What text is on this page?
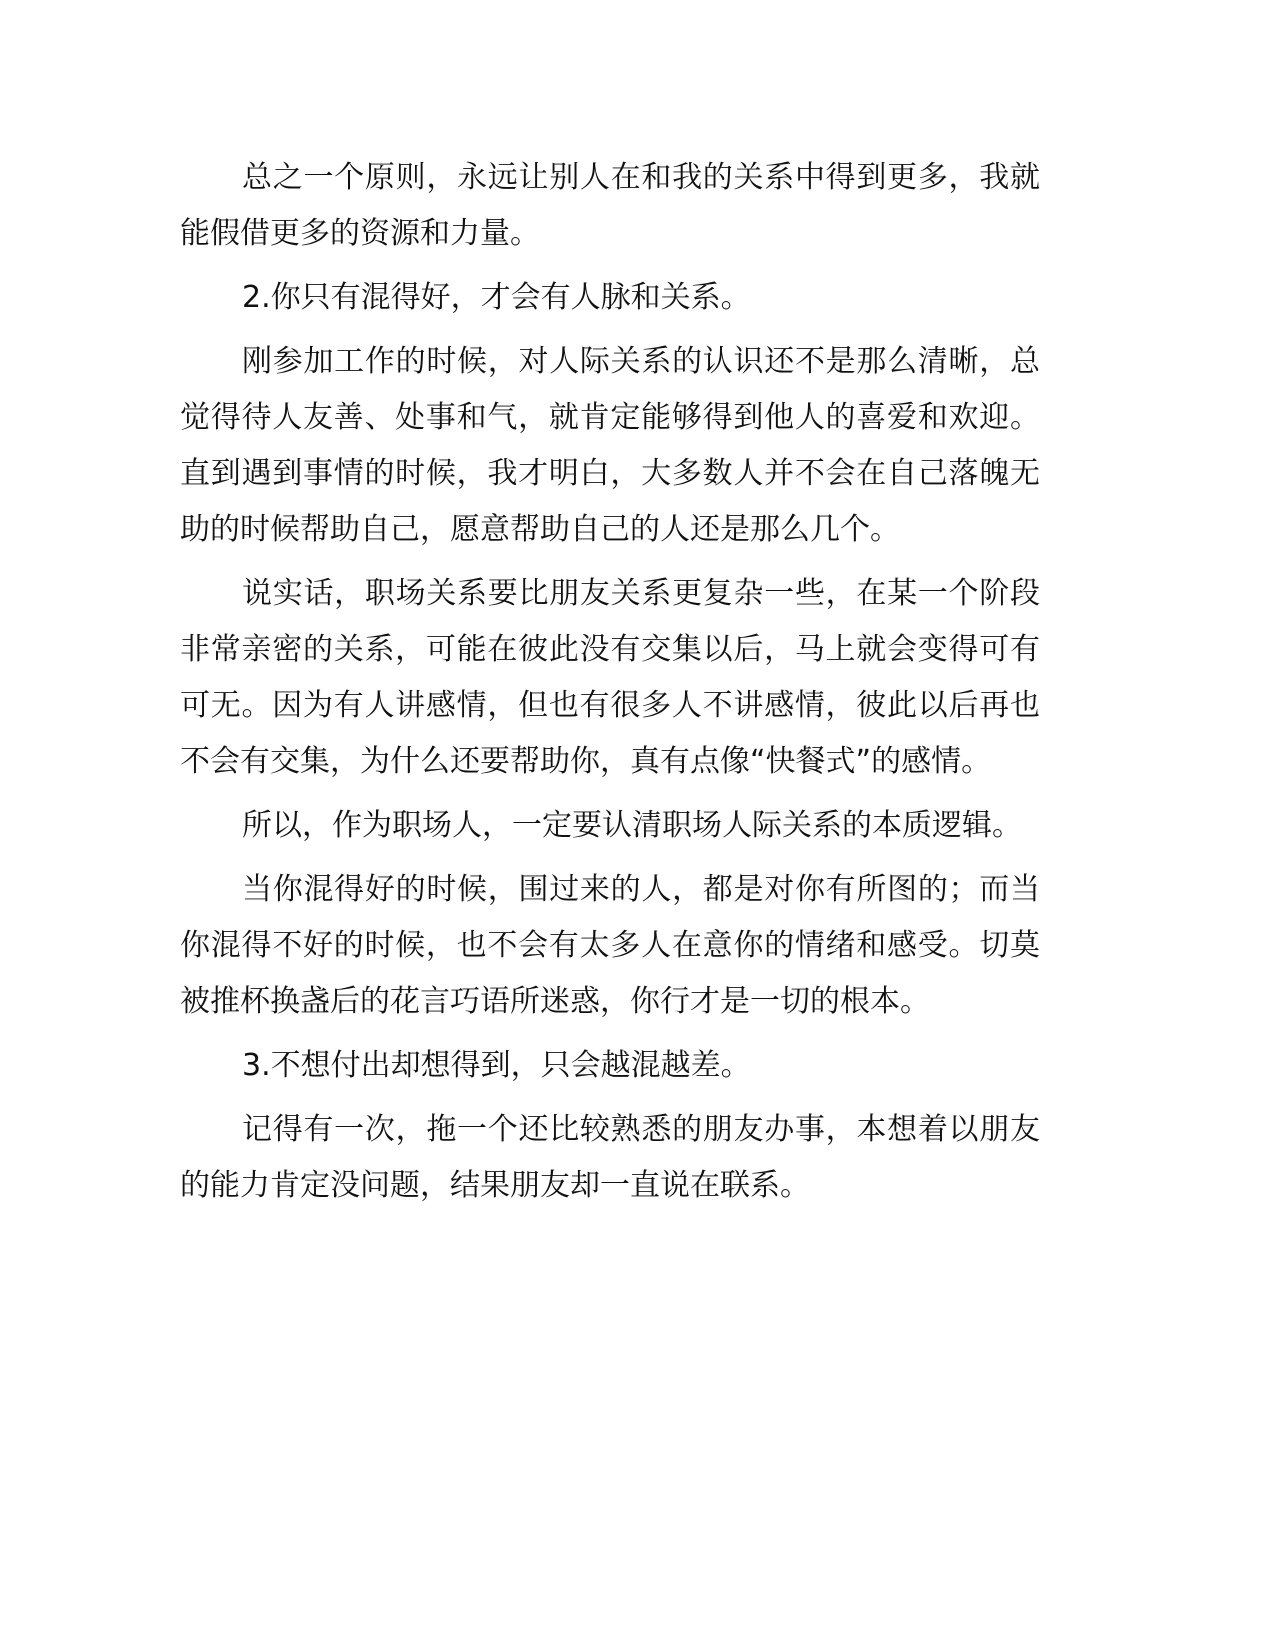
总之一个原则，永远让别人在和我的关系中得到更多，我就能假借更多的资源和力量。

2.你只有混得好，才会有人脉和关系。

刚参加工作的时候，对人际关系的认识还不是那么清晰，总觉得待人友善、处事和气，就肯定能够得到他人的喜爱和欢迎。直到遇到事情的时候，我才明白，大多数人并不会在自己落魄无助的时候帮助自己，愿意帮助自己的人还是那么几个。

说实话，职场关系要比朋友关系更复杂一些，在某一个阶段非常亲密的关系，可能在彼此没有交集以后，马上就会变得可有可无。因为有人讲感情，但也有很多人不讲感情，彼此以后再也不会有交集，为什么还要帮助你，真有点像“快餐式”的感情。

所以，作为职场人，一定要认清职场人际关系的本质逻辑。

当你混得好的时候，围过来的人，都是对你有所图的；而当你混得不好的时候，也不会有太多人在意你的情绪和感受。切莫被推杯换盏后的花言巧语所迷惑，你行才是一切的根本。

3.不想付出却想得到，只会越混越差。

记得有一次，拖一个还比较熟悉的朋友办事，本想着以朋友的能力肯定没问题，结果朋友却一直说在联系。
